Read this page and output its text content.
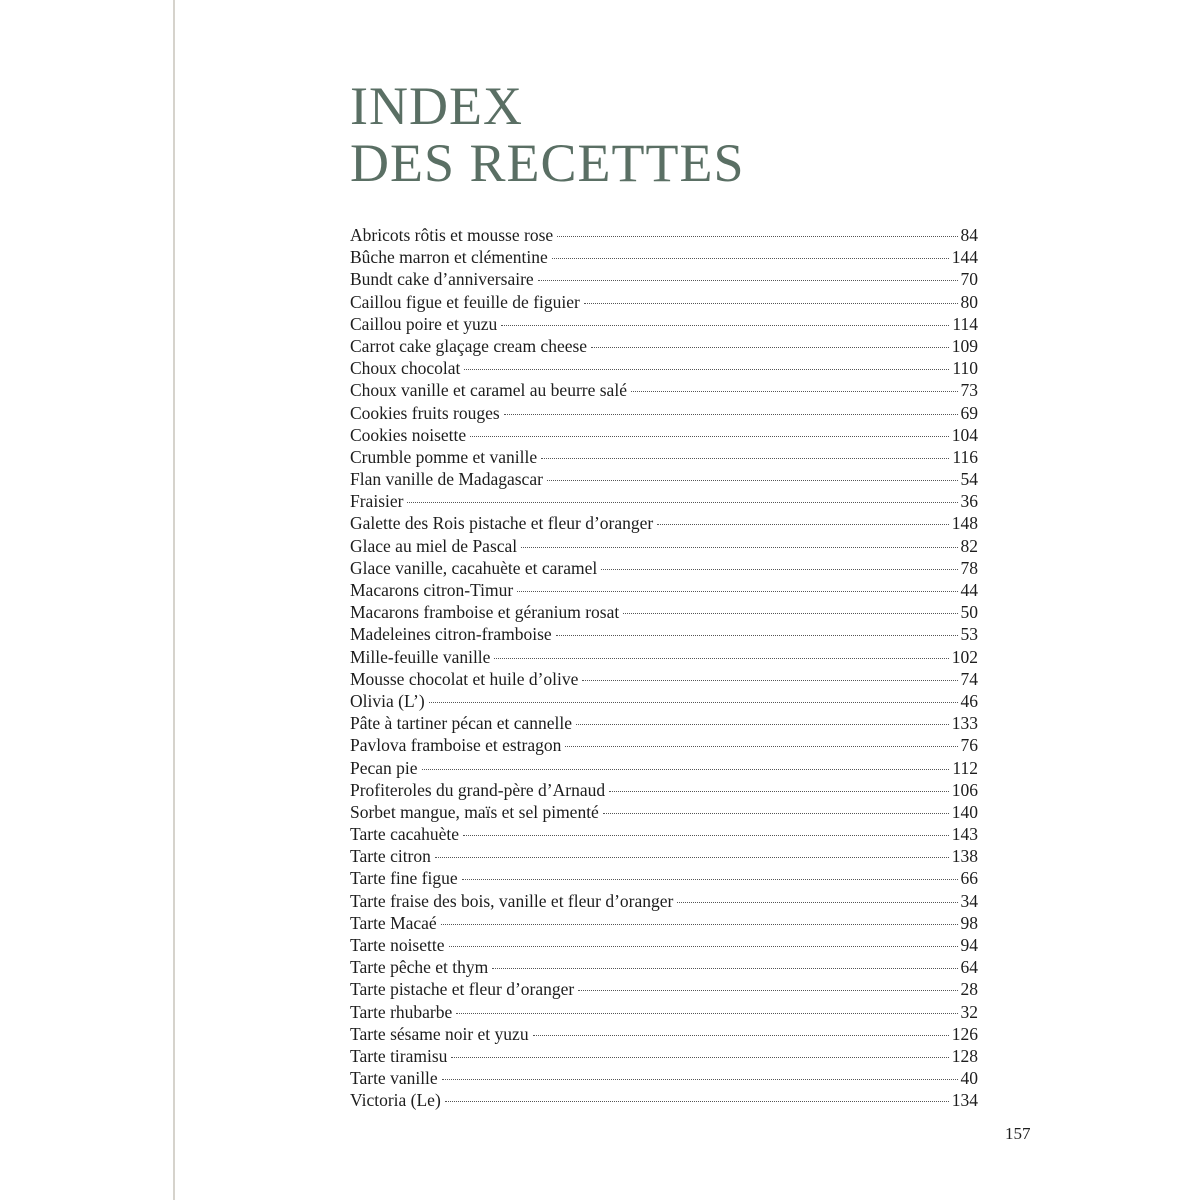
INDEX
DES RECETTES
Abricots rôtis et mousse rose	84
Bûche marron et clémentine	144
Bundt cake d’anniversaire	70
Caillou figue et feuille de figuier	80
Caillou poire et yuzu	114
Carrot cake glaçage cream cheese	109
Choux chocolat	110
Choux vanille et caramel au beurre salé	73
Cookies fruits rouges	69
Cookies noisette	104
Crumble pomme et vanille	116
Flan vanille de Madagascar	54
Fraisier	36
Galette des Rois pistache et fleur d’oranger	148
Glace au miel de Pascal	82
Glace vanille, cacahuète et caramel	78
Macarons citron-Timur	44
Macarons framboise et géranium rosat	50
Madeleines citron-framboise	53
Mille-feuille vanille	102
Mousse chocolat et huile d’olive	74
Olivia (L’)	46
Pâte à tartiner pécan et cannelle	133
Pavlova framboise et estragon	76
Pecan pie	112
Profiteroles du grand-père d’Arnaud	106
Sorbet mangue, maïs et sel pimenté	140
Tarte cacahuète	143
Tarte citron	138
Tarte fine figue	66
Tarte fraise des bois, vanille et fleur d’oranger	34
Tarte Macaé	98
Tarte noisette	94
Tarte pêche et thym	64
Tarte pistache et fleur d’oranger	28
Tarte rhubarbe	32
Tarte sésame noir et yuzu	126
Tarte tiramisu	128
Tarte vanille	40
Victoria (Le)	134
157
